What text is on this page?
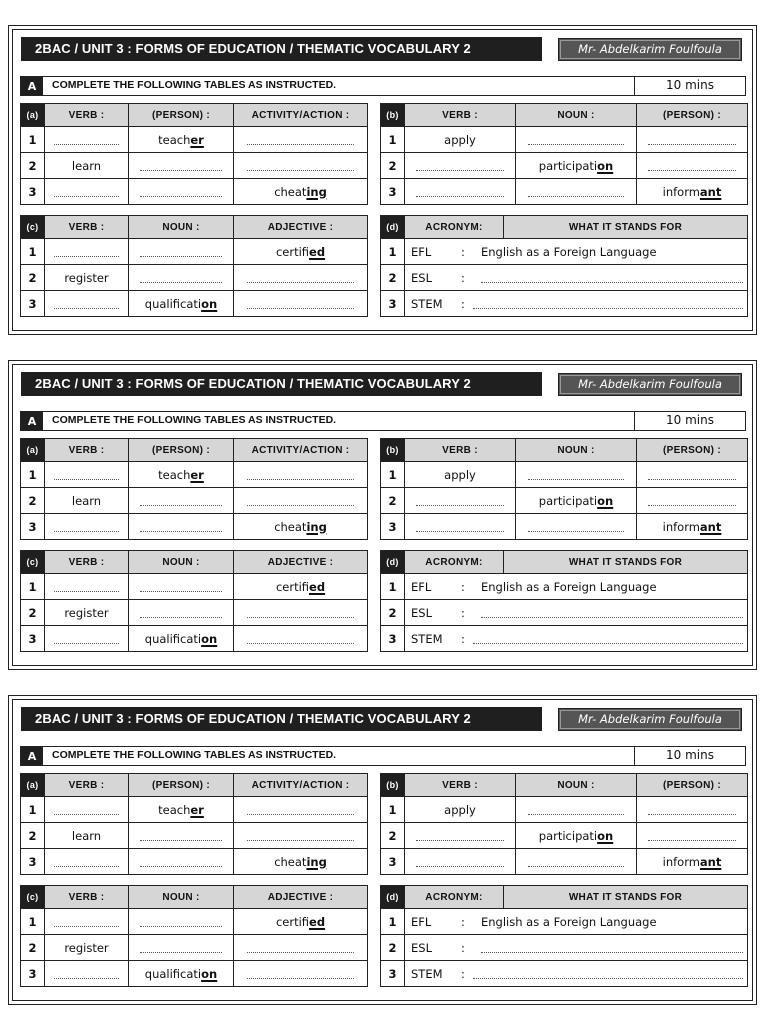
2BAC / UNIT 3 : FORMS OF EDUCATION / THEMATIC VOCABULARY 2	Mr- Abdelkarim Foulfoula
A	COMPLETE THE FOLLOWING TABLES AS INSTRUCTED.	10 mins
(a)	VERB :	(PERSON) :	ACTIVITY/ACTION :
1		teacher	
2	learn		
3			cheating
(b)	VERB :	NOUN :	(PERSON) :
1	apply		
2		participation	
3			informant
(c)	VERB :	NOUN :	ADJECTIVE :
1			certified
2	register		
3		qualification	
(d)	ACRONYM:	WHAT IT STANDS FOR
1	EFL : English as a Foreign Language	

2	ESL :	

3	STEM :	
2BAC / UNIT 3 : FORMS OF EDUCATION / THEMATIC VOCABULARY 2	Mr- Abdelkarim Foulfoula
A	COMPLETE THE FOLLOWING TABLES AS INSTRUCTED.	10 mins
(a)	VERB :	(PERSON) :	ACTIVITY/ACTION :
1		teacher	
2	learn		
3			cheating
(b)	VERB :	NOUN :	(PERSON) :
1	apply		
2		participation	
3			informant
(c)	VERB :	NOUN :	ADJECTIVE :
1			certified
2	register		
3		qualification	
(d)	ACRONYM:	WHAT IT STANDS FOR
1	EFL : English as a Foreign Language	

2	ESL :	

3	STEM :	
2BAC / UNIT 3 : FORMS OF EDUCATION / THEMATIC VOCABULARY 2	Mr- Abdelkarim Foulfoula
A	COMPLETE THE FOLLOWING TABLES AS INSTRUCTED.	10 mins
(a)	VERB :	(PERSON) :	ACTIVITY/ACTION :
1		teacher	
2	learn		
3			cheating
(b)	VERB :	NOUN :	(PERSON) :
1	apply		
2		participation	
3			informant
(c)	VERB :	NOUN :	ADJECTIVE :
1			certified
2	register		
3		qualification	
(d)	ACRONYM:	WHAT IT STANDS FOR
1	EFL : English as a Foreign Language	

2	ESL :	

3	STEM :	
